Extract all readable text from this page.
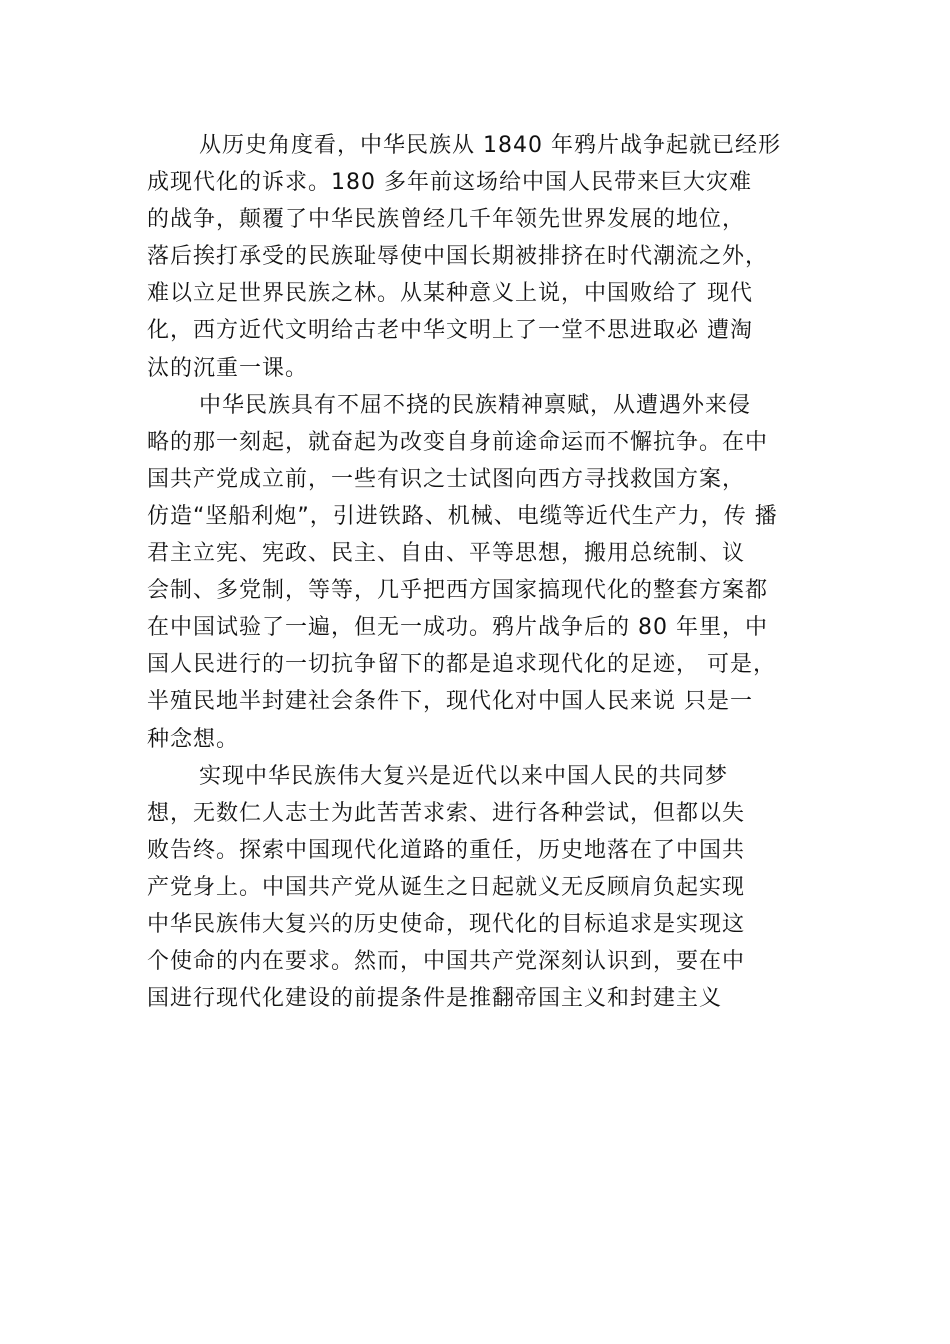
从历史角度看，中华民族从 1840 年鸦片战争起就已经形
成现代化的诉求。180 多年前这场给中国人民带来巨大灾难
的战争，颠覆了中华民族曾经几千年领先世界发展的地位，
落后挨打承受的民族耻辱使中国长期被排挤在时代潮流之外，
难以立足世界民族之林。从某种意义上说，中国败给了 现代
化，西方近代文明给古老中华文明上了一堂不思进取必 遭淘
汰的沉重一课。

中华民族具有不屈不挠的民族精神禀赋，从遭遇外来侵
略的那一刻起，就奋起为改变自身前途命运而不懈抗争。在中
国共产党成立前，一些有识之士试图向西方寻找救国方案，
仿造“坚船利炮”，引进铁路、机械、电缆等近代生产力，传 播
君主立宪、宪政、民主、自由、平等思想，搬用总统制、议
会制、多党制，等等，几乎把西方国家搞现代化的整套方案都
在中国试验了一遍，但无一成功。鸦片战争后的 80 年里，中
国人民进行的一切抗争留下的都是追求现代化的足迹， 可是，
半殖民地半封建社会条件下，现代化对中国人民来说 只是一
种念想。

实现中华民族伟大复兴是近代以来中国人民的共同梦
想，无数仁人志士为此苦苦求索、进行各种尝试，但都以失
败告终。探索中国现代化道路的重任，历史地落在了中国共
产党身上。中国共产党从诞生之日起就义无反顾肩负起实现
中华民族伟大复兴的历史使命，现代化的目标追求是实现这
个使命的内在要求。然而，中国共产党深刻认识到，要在中
国进行现代化建设的前提条件是推翻帝国主义和封建主义
